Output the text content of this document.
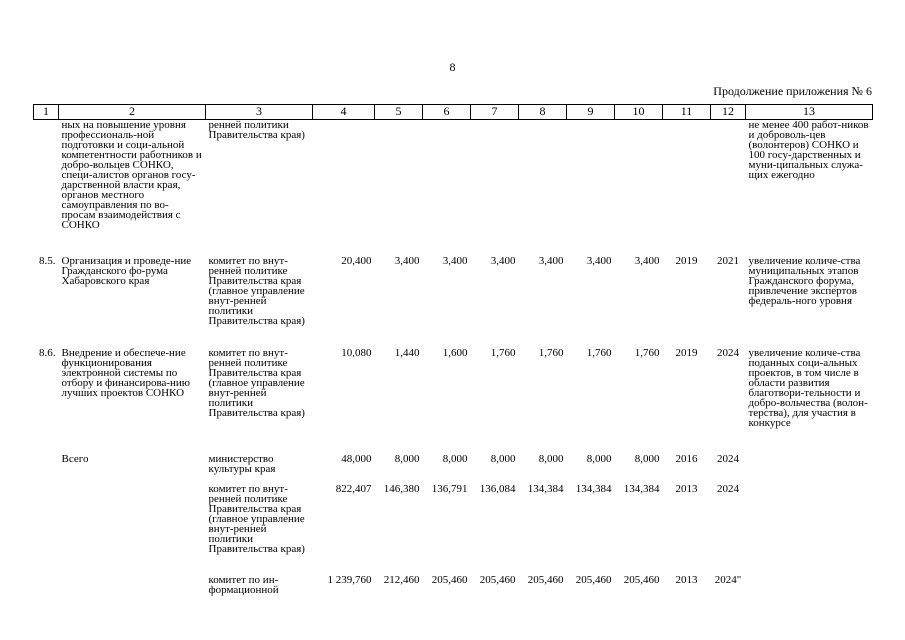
8
Продолжение приложения № 6
1	2	3	4	5	6	7	8	9	10	11	12	13
	ных на повышение уровня профессиональ-ной подготовки и соци-альной компетентности работников и добро-вольцев СОНКО, специ-алистов органов госу-дарственной власти края, органов местного самоуправления по во-просам взаимодействия с СОНКО	ренней политики Правительства края)										не менее 400 работ-ников и доброволь-цев (волонтеров) СОНКО и 100 госу-дарственных и муни-ципальных служа-щих ежегодно
8.5.	Организация и проведе-ние Гражданского фо-рума Хабаровского края	комитет по внут-ренней политике Правительства края (главное управление внут-ренней политики Правительства края)	20,400	3,400	3,400	3,400	3,400	3,400	3,400	2019	2021	увеличение количе-ства муниципальных этапов Гражданского форума, привлечение экспертов федераль-ного уровня
8.6.	Внедрение и обеспече-ние функционирования электронной системы по отбору и финансирова-нию лучших проектов СОНКО	комитет по внут-ренней политике Правительства края (главное управление внут-ренней политики Правительства края)	10,080	1,440	1,600	1,760	1,760	1,760	1,760	2019	2024	увеличение количе-ства поданных соци-альных проектов, в том числе в области развития благотвори-тельности и добро-вольчества (волон-терства), для участия в конкурсе
	Всего	министерство культуры края	48,000	8,000	8,000	8,000	8,000	8,000	8,000	2016	2024	
		комитет по внут-ренней политике Правительства края (главное управление внут-ренней политики Правительства края)	822,407	146,380	136,791	136,084	134,384	134,384	134,384	2013	2024	
		комитет по ин-формационной	1 239,760	212,460	205,460	205,460	205,460	205,460	205,460	2013	2024"	
